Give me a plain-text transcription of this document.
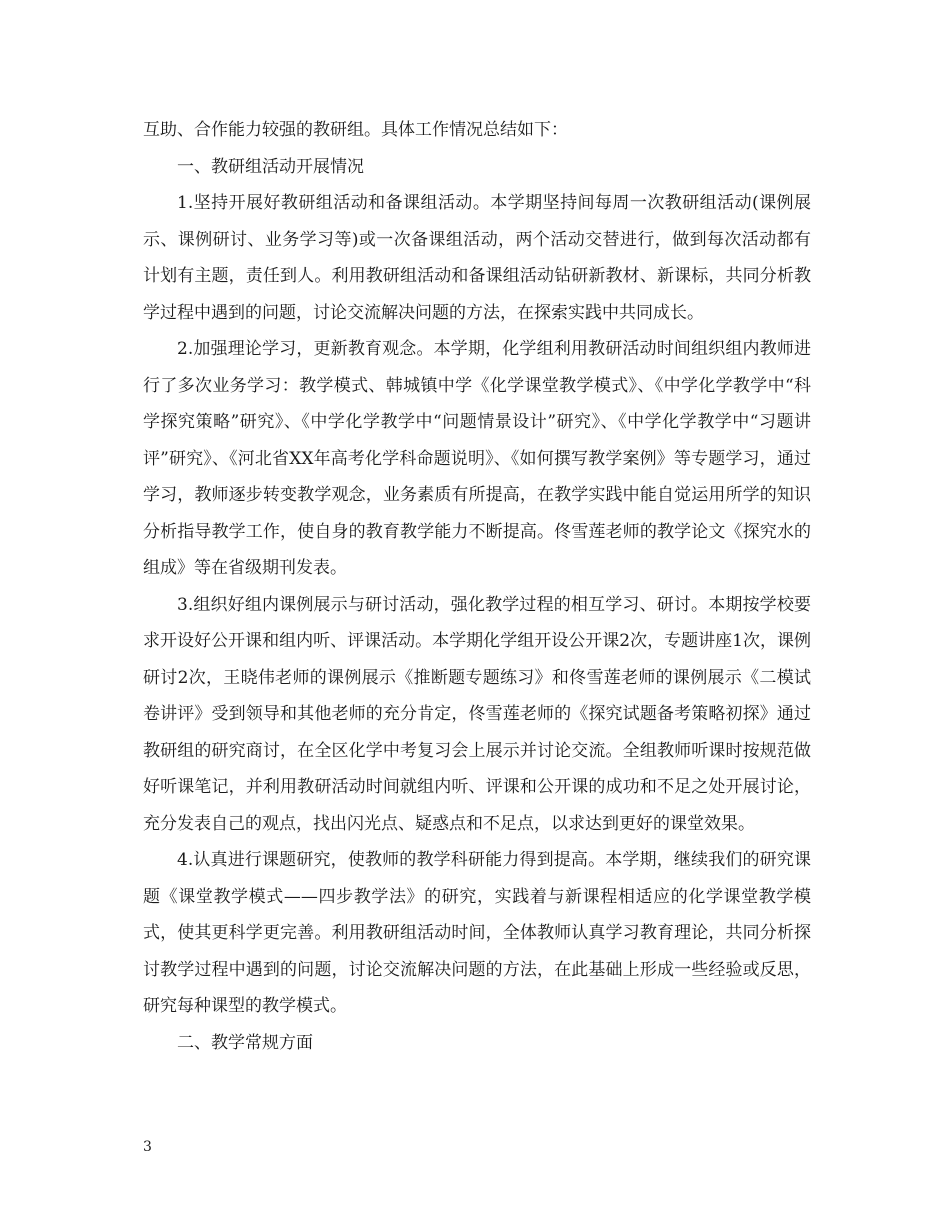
互助、合作能力较强的教研组。具体工作情况总结如下：

一、教研组活动开展情况

1.坚持开展好教研组活动和备课组活动。本学期坚持间每周一次教研组活动(课例展示、课例研讨、业务学习等)或一次备课组活动，两个活动交替进行，做到每次活动都有计划有主题，责任到人。利用教研组活动和备课组活动钻研新教材、新课标，共同分析教学过程中遇到的问题，讨论交流解决问题的方法，在探索实践中共同成长。

2.加强理论学习，更新教育观念。本学期，化学组利用教研活动时间组织组内教师进行了多次业务学习：教学模式、韩城镇中学《化学课堂教学模式》、《中学化学教学中“科学探究策略”研究》、《中学化学教学中“问题情景设计”研究》、《中学化学教学中“习题讲评”研究》、《河北省XX年高考化学科命题说明》、《如何撰写教学案例》等专题学习，通过学习，教师逐步转变教学观念，业务素质有所提高，在教学实践中能自觉运用所学的知识分析指导教学工作，使自身的教育教学能力不断提高。佟雪莲老师的教学论文《探究水的组成》等在省级期刊发表。

3.组织好组内课例展示与研讨活动，强化教学过程的相互学习、研讨。本期按学校要求开设好公开课和组内听、评课活动。本学期化学组开设公开课2次，专题讲座1次，课例研讨2次，王晓伟老师的课例展示《推断题专题练习》和佟雪莲老师的课例展示《二模试卷讲评》受到领导和其他老师的充分肯定，佟雪莲老师的《探究试题备考策略初探》通过教研组的研究商讨，在全区化学中考复习会上展示并讨论交流。全组教师听课时按规范做好听课笔记，并利用教研活动时间就组内听、评课和公开课的成功和不足之处开展讨论，充分发表自己的观点，找出闪光点、疑惑点和不足点，以求达到更好的课堂效果。

4.认真进行课题研究，使教师的教学科研能力得到提高。本学期，继续我们的研究课题《课堂教学模式——四步教学法》的研究，实践着与新课程相适应的化学课堂教学模式，使其更科学更完善。利用教研组活动时间，全体教师认真学习教育理论，共同分析探讨教学过程中遇到的问题，讨论交流解决问题的方法，在此基础上形成一些经验或反思，研究每种课型的教学模式。

二、教学常规方面

3
